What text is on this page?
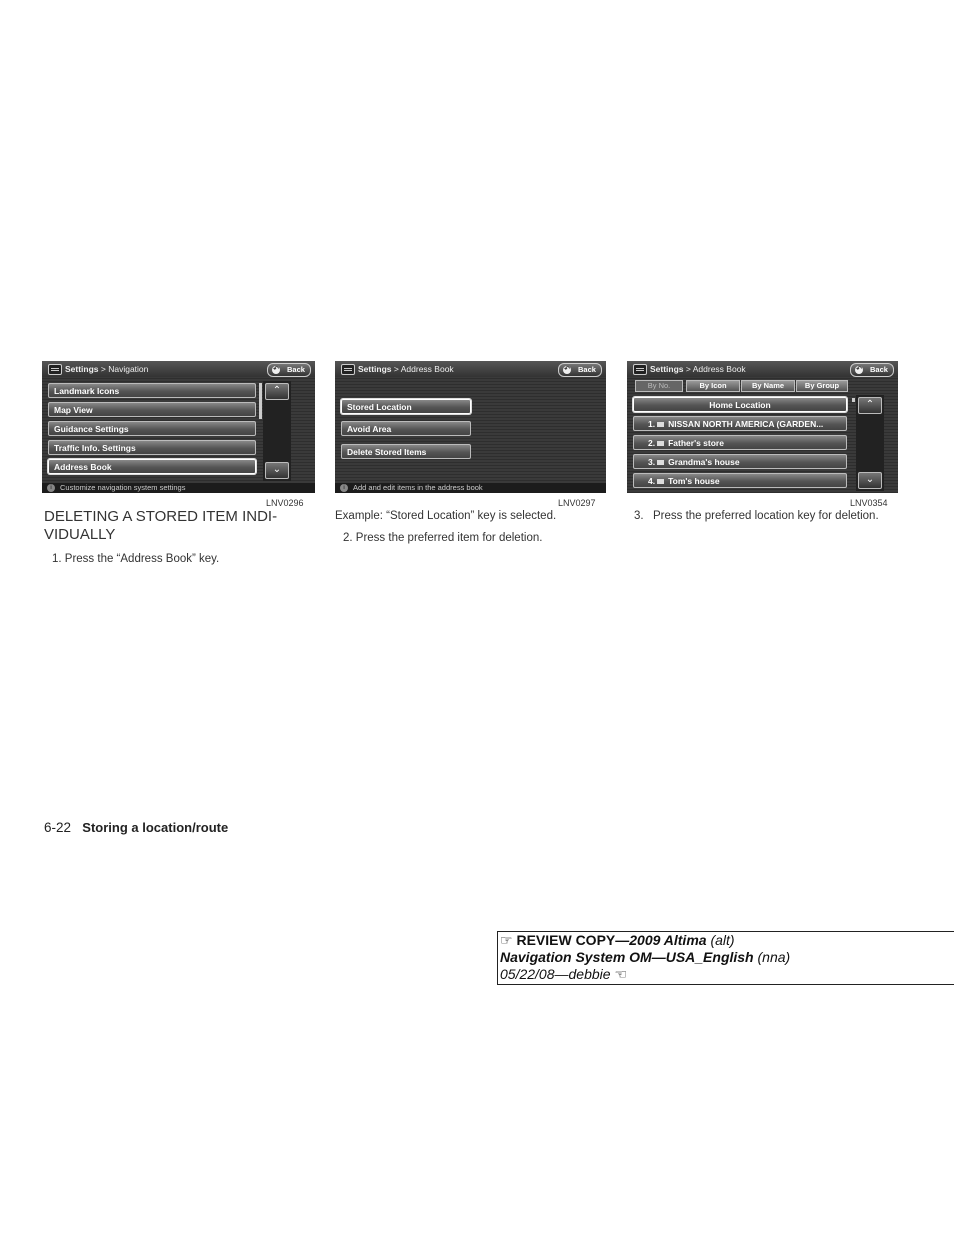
Settings > Navigation	↶ Back
Landmark Icons
Map View
Guidance Settings
Traffic Info. Settings
Address Book
⌃
⌄
i	Customize navigation system settings
LNV0296
Settings > Address Book	↶ Back
Stored Location
Avoid Area
Delete Stored Items
i	Add and edit items in the address book
LNV0297
Settings > Address Book	↶ Back
By No.	By Icon	By Name	By Group
Home Location
1. NISSAN NORTH AMERICA (GARDEN...
2. Father's store
3. Grandma's house
4. Tom's house
⌃
⌄
LNV0354
DELETING A STORED ITEM INDI-VIDUALLY
1. Press the “Address Book” key.
Example: “Stored Location” key is selected.
2. Press the preferred item for deletion.
3. Press the preferred location key for deletion.
6-22 Storing a location/route
☞ REVIEW COPY—2009 Altima (alt)
Navigation System OM—USA_English (nna)
05/22/08—debbie ☜
